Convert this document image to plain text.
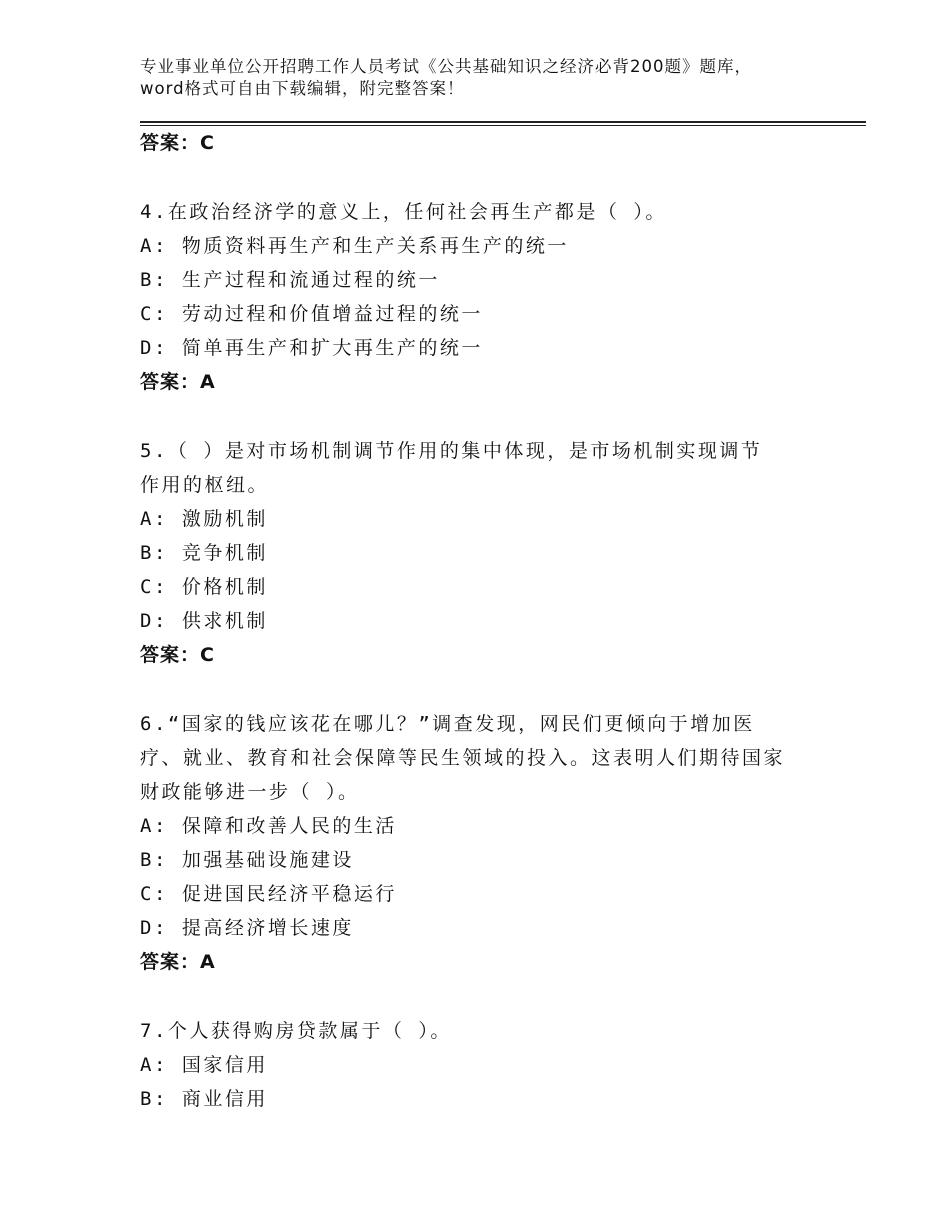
专业事业单位公开招聘工作人员考试《公共基础知识之经济必背200题》题库，word格式可自由下载编辑，附完整答案！
答案：C
4.在政治经济学的意义上，任何社会再生产都是（ ）。
A: 物质资料再生产和生产关系再生产的统一
B: 生产过程和流通过程的统一
C: 劳动过程和价值增益过程的统一
D: 简单再生产和扩大再生产的统一
答案：A
5.（ ）是对市场机制调节作用的集中体现，是市场机制实现调节
作用的枢纽。
A: 激励机制
B: 竞争机制
C: 价格机制
D: 供求机制
答案：C
6.“国家的钱应该花在哪儿？”调查发现，网民们更倾向于增加医
疗、就业、教育和社会保障等民生领域的投入。这表明人们期待国家
财政能够进一步（ ）。
A: 保障和改善人民的生活
B: 加强基础设施建设
C: 促进国民经济平稳运行
D: 提高经济增长速度
答案：A
7.个人获得购房贷款属于（ ）。
A: 国家信用
B: 商业信用
